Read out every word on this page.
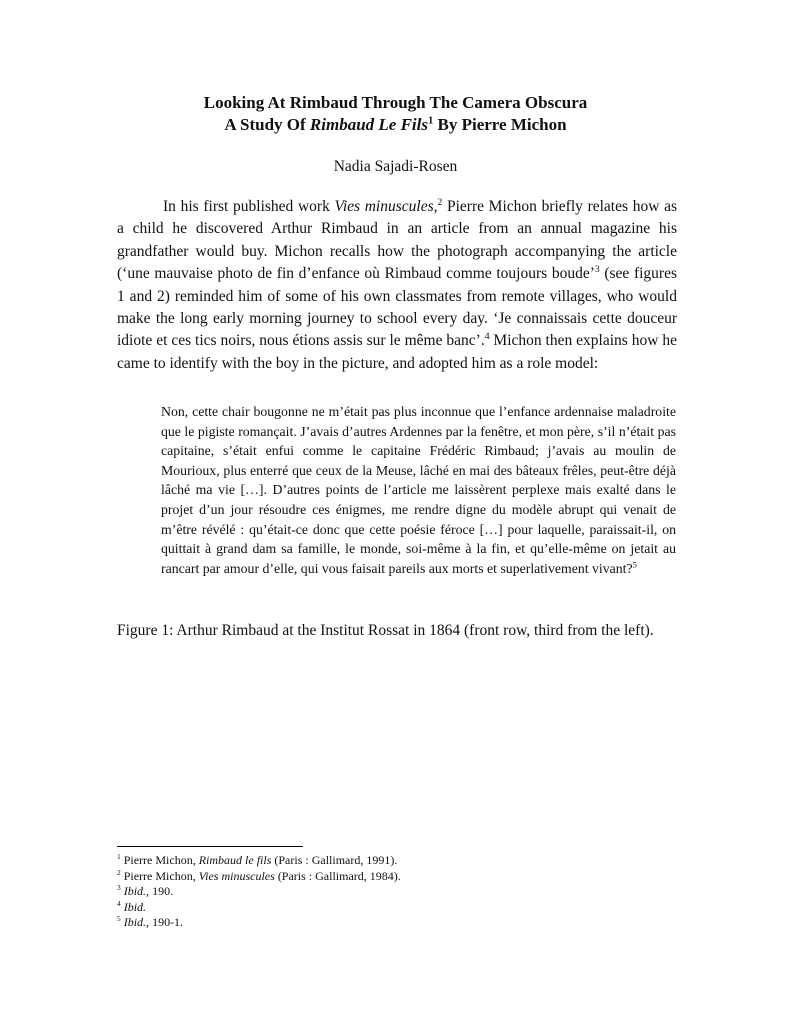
Looking At Rimbaud Through The Camera Obscura
A Study Of Rimbaud Le Fils$^1$ By Pierre Michon
Nadia Sajadi-Rosen

In his first published work Vies minuscules,$^2$ Pierre Michon briefly relates how as a child he discovered Arthur Rimbaud in an article from an annual magazine his grandfather would buy. Michon recalls how the photograph accompanying the article (‘une mauvaise photo de fin d’enfance où Rimbaud comme toujours boude’$^3$ (see figures 1 and 2) reminded him of some of his own classmates from remote villages, who would make the long early morning journey to school every day. ‘Je connaissais cette douceur idiote et ces tics noirs, nous étions assis sur le même banc’.$^4$ Michon then explains how he came to identify with the boy in the picture, and adopted him as a role model:

Non, cette chair bougonne ne m’était pas plus inconnue que l’enfance ardennaise maladroite que le pigiste romançait. J’avais d’autres Ardennes par la fenêtre, et mon père, s’il n’était pas capitaine, s’était enfui comme le capitaine Frédéric Rimbaud; j’avais au moulin de Mourioux, plus enterré que ceux de la Meuse, lâché en mai des bâteaux frêles, peut-être déjà lâché ma vie […]. D’autres points de l’article me laissèrent perplexe mais exalté dans le projet d’un jour résoudre ces énigmes, me rendre digne du modèle abrupt qui venait de m’être révélé : qu’était-ce donc que cette poésie féroce […] pour laquelle, paraissait-il, on quittait à grand dam sa famille, le monde, soi-même à la fin, et qu’elle-même on jetait au rancart par amour d’elle, qui vous faisait pareils aux morts et superlativement vivant?$^5$

Figure 1: Arthur Rimbaud at the Institut Rossat in 1864 (front row, third from the left).
$^1$ Pierre Michon, Rimbaud le fils (Paris : Gallimard, 1991).
$^2$ Pierre Michon, Vies minuscules (Paris : Gallimard, 1984).
$^3$ Ibid., 190.
$^4$ Ibid.
$^5$ Ibid., 190-1.
